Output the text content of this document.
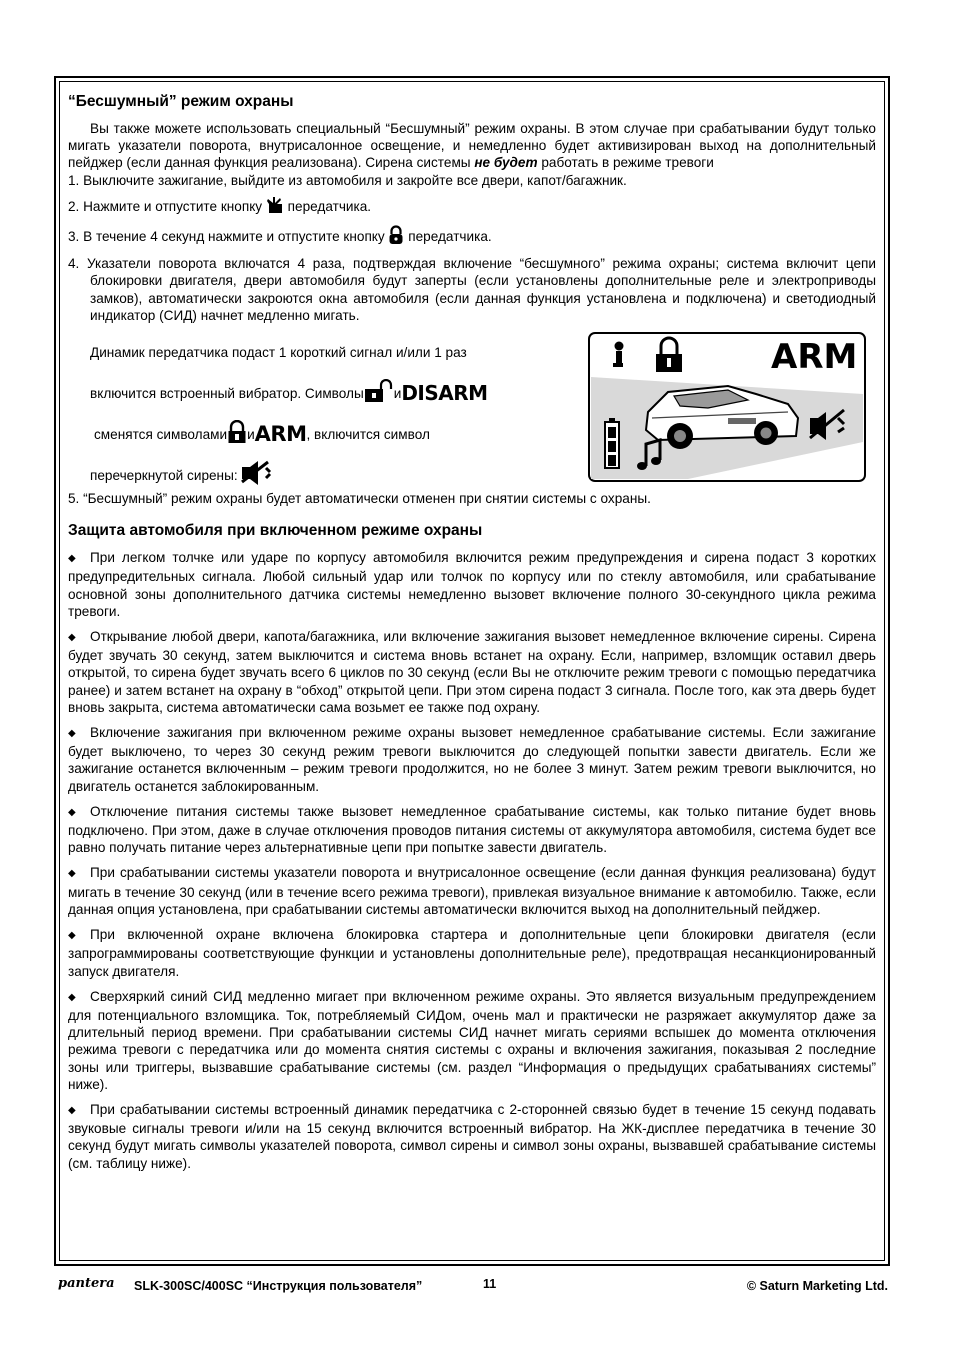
“Бесшумный” режим охраны

Вы также можете использовать специальный “Бесшумный” режим охраны. В этом случае при срабатывании будут только мигать указатели поворота, внутрисалонное освещение, и немедленно будет активизирован выход на дополнительный пейджер (если данная функция реализована). Сирена системы не будет работать в режиме тревоги

1. Выключите зажигание, выйдите из автомобиля и закройте все двери, капот/багажник.

2. Нажмите и отпустите кнопку  передатчика.

3. В течение 4 секунд нажмите и отпустите кнопку  передатчика.

4. Указатели поворота включатся 4 раза, подтверждая включение “бесшумного” режима охраны; система включит цепи блокировки двигателя, двери автомобиля будут заперты (если установлены дополнительные реле и электроприводы замков), автоматически закроются окна автомобиля (если данная функция установлена и подключена) и светодиодный индикатор (СИД) начнет медленно мигать.

Динамик передатчика подаст 1 короткий сигнал и/или 1 раз
включится встроенный вибратор. Символы и DISARM
сменятся символами и ARM , включится символ
перечеркнутой сирены:
ARM

5. “Бесшумный” режим охраны будет автоматически отменен при снятии системы с охраны.

Защита автомобиля при включенном режиме охраны

◆ При легком толчке или ударе по корпусу автомобиля включится режим предупреждения и сирена подаст 3 коротких предупредительных сигнала. Любой сильный удар или толчок по корпусу или по стеклу автомобиля, или срабатывание основной зоны дополнительного датчика системы немедленно вызовет включение полного 30-секундного цикла режима тревоги.

◆ Открывание любой двери, капота/багажника, или включение зажигания вызовет немедленное включение сирены. Сирена будет звучать 30 секунд, затем выключится и система вновь встанет на охрану. Если, например, взломщик оставил дверь открытой, то сирена будет звучать всего 6 циклов по 30 секунд (если Вы не отключите режим тревоги с помощью передатчика ранее) и затем встанет на охрану в “обход” открытой цепи. При этом сирена подаст 3 сигнала. После того, как эта дверь будет вновь закрыта, система автоматически сама возьмет ее также под охрану.

◆ Включение зажигания при включенном режиме охраны вызовет немедленное срабатывание системы. Если зажигание будет выключено, то через 30 секунд режим тревоги выключится до следующей попытки завести двигатель. Если же зажигание останется включенным – режим тревоги продолжится, но не более 3 минут. Затем режим тревоги выключится, но двигатель останется заблокированным.

◆ Отключение питания системы также вызовет немедленное срабатывание системы, как только питание будет вновь подключено. При этом, даже в случае отключения проводов питания системы от аккумулятора автомобиля, система будет все равно получать питание через альтернативные цепи при попытке завести двигатель.

◆ При срабатывании системы указатели поворота и внутрисалонное освещение (если данная функция реализована) будут мигать в течение 30 секунд (или в течение всего режима тревоги), привлекая визуальное внимание к автомобилю. Также, если данная опция установлена, при срабатывании системы автоматически включится выход на дополнительный пейджер.

◆ При включенной охране включена блокировка стартера и дополнительные цепи блокировки двигателя (если запрограммированы соответствующие функции и установлены дополнительные реле), предотвращая несанкционированный запуск двигателя.

◆ Сверхяркий синий СИД медленно мигает при включенном режиме охраны. Это является визуальным предупреждением для потенциального взломщика. Ток, потребляемый СИДом, очень мал и практически не разряжает аккумулятор даже за длительный период времени. При срабатывании системы СИД начнет мигать сериями вспышек до момента отключения режима тревоги с передатчика или до момента снятия системы с охраны и включения зажигания, показывая 2 последние зоны или триггеры, вызвавшие срабатывание системы (см. раздел “Информация о предыдущих срабатываниях системы” ниже).

◆ При срабатывании системы встроенный динамик передатчика с 2-сторонней связью будет в течение 15 секунд подавать звуковые сигналы тревоги и/или на 15 секунд включится встроенный вибратор. На ЖК-дисплее передатчика в течение 30 секунд будут мигать символы указателей поворота, символ сирены и символ зоны охраны, вызвавшей срабатывание системы (см. таблицу ниже).

pantera SLK-300SC/400SC “Инструкция пользователя”	11	© Saturn Marketing Ltd.
